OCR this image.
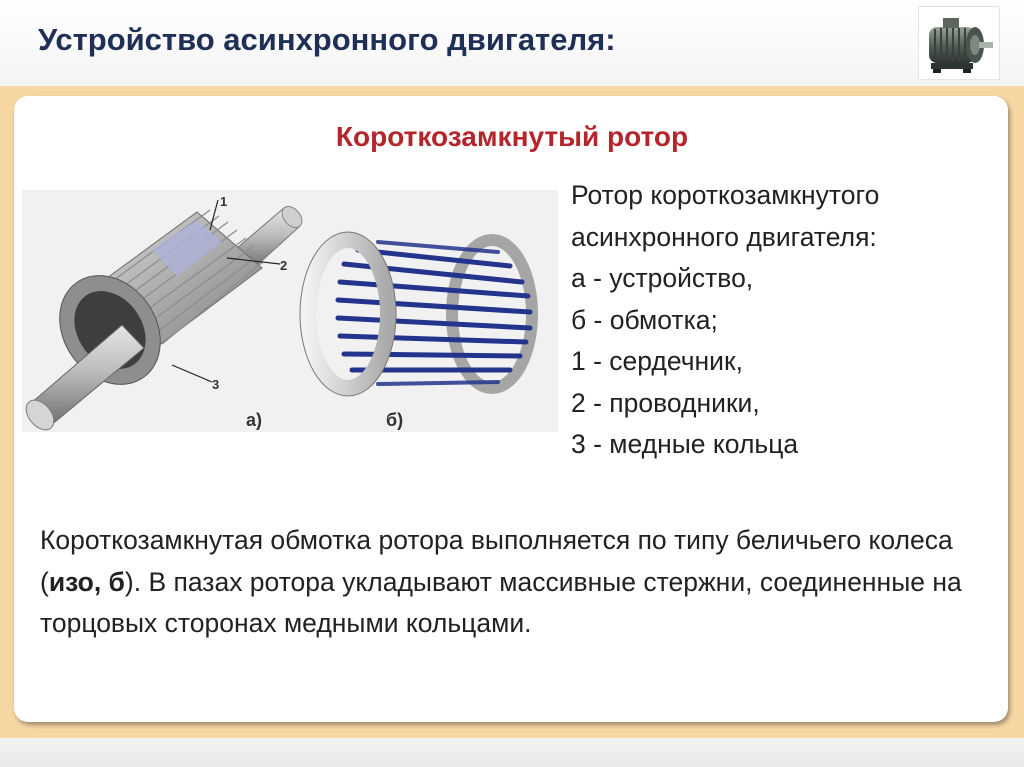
Устройство асинхронного двигателя:
Короткозамкнутый ротор
1
2
3
а)	б)
Ротор короткозамкнутого
асинхронного двигателя:
а - устройство,
б - обмотка;
1 - сердечник,
2 - проводники,
3 - медные кольца
Короткозамкнутая обмотка ротора выполняется по типу беличьего колеса (изо, б). В пазах ротора укладывают массивные стержни, соединенные на торцовых сторонах медными кольцами.
